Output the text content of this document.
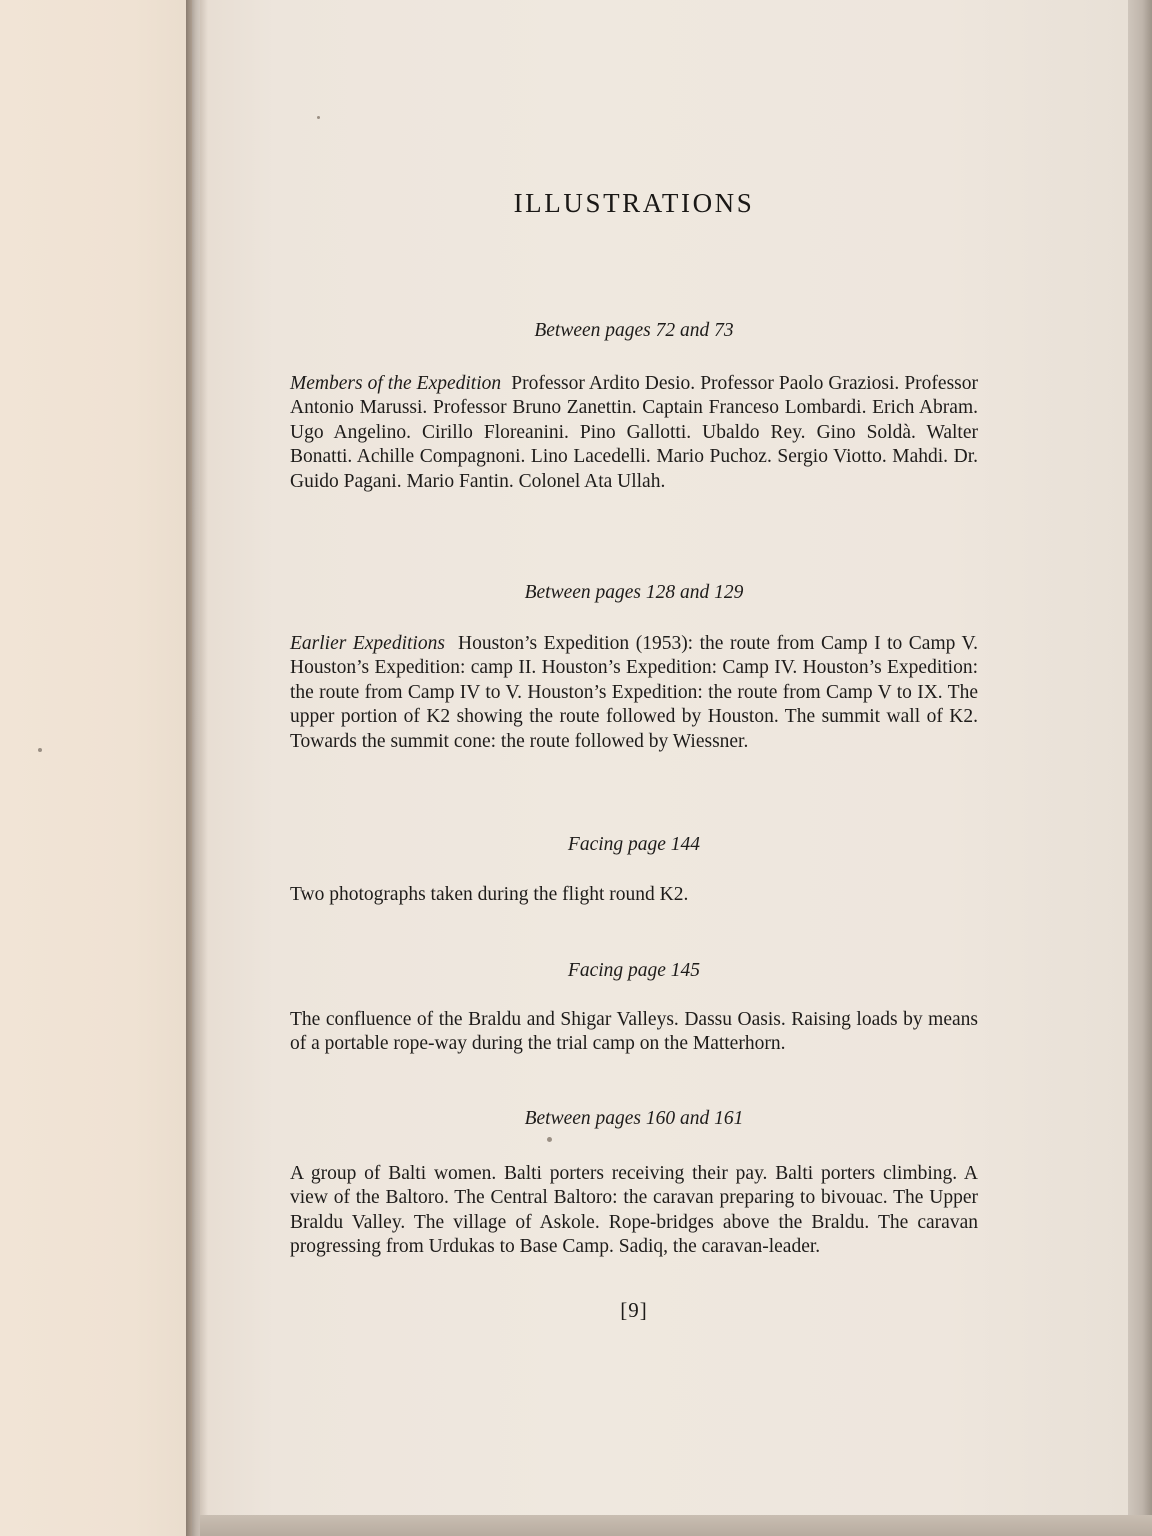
ILLUSTRATIONS
Between pages 72 and 73

Members of the Expedition Professor Ardito Desio. Professor Paolo Graziosi. Professor Antonio Marussi. Professor Bruno Zanettin. Captain Franceso Lombardi. Erich Abram. Ugo Angelino. Cirillo Floreanini. Pino Gallotti. Ubaldo Rey. Gino Soldà. Walter Bonatti. Achille Compagnoni. Lino Lacedelli. Mario Puchoz. Sergio Viotto. Mahdi. Dr. Guido Pagani. Mario Fantin. Colonel Ata Ullah.

Between pages 128 and 129

Earlier Expeditions Houston’s Expedition (1953): the route from Camp I to Camp V. Houston’s Expedition: camp II. Houston’s Expedition: Camp IV. Houston’s Expedition: the route from Camp IV to V. Houston’s Expedition: the route from Camp V to IX. The upper portion of K2 showing the route followed by Houston. The summit wall of K2. Towards the summit cone: the route followed by Wiessner.

Facing page 144

Two photographs taken during the flight round K2.

Facing page 145

The confluence of the Braldu and Shigar Valleys. Dassu Oasis. Raising loads by means of a portable rope-way during the trial camp on the Matterhorn.

Between pages 160 and 161

A group of Balti women. Balti porters receiving their pay. Balti porters climbing. A view of the Baltoro. The Central Baltoro: the caravan preparing to bivouac. The Upper Braldu Valley. The village of Askole. Rope-bridges above the Braldu. The caravan progressing from Urdukas to Base Camp. Sadiq, the caravan-leader.

[9]
